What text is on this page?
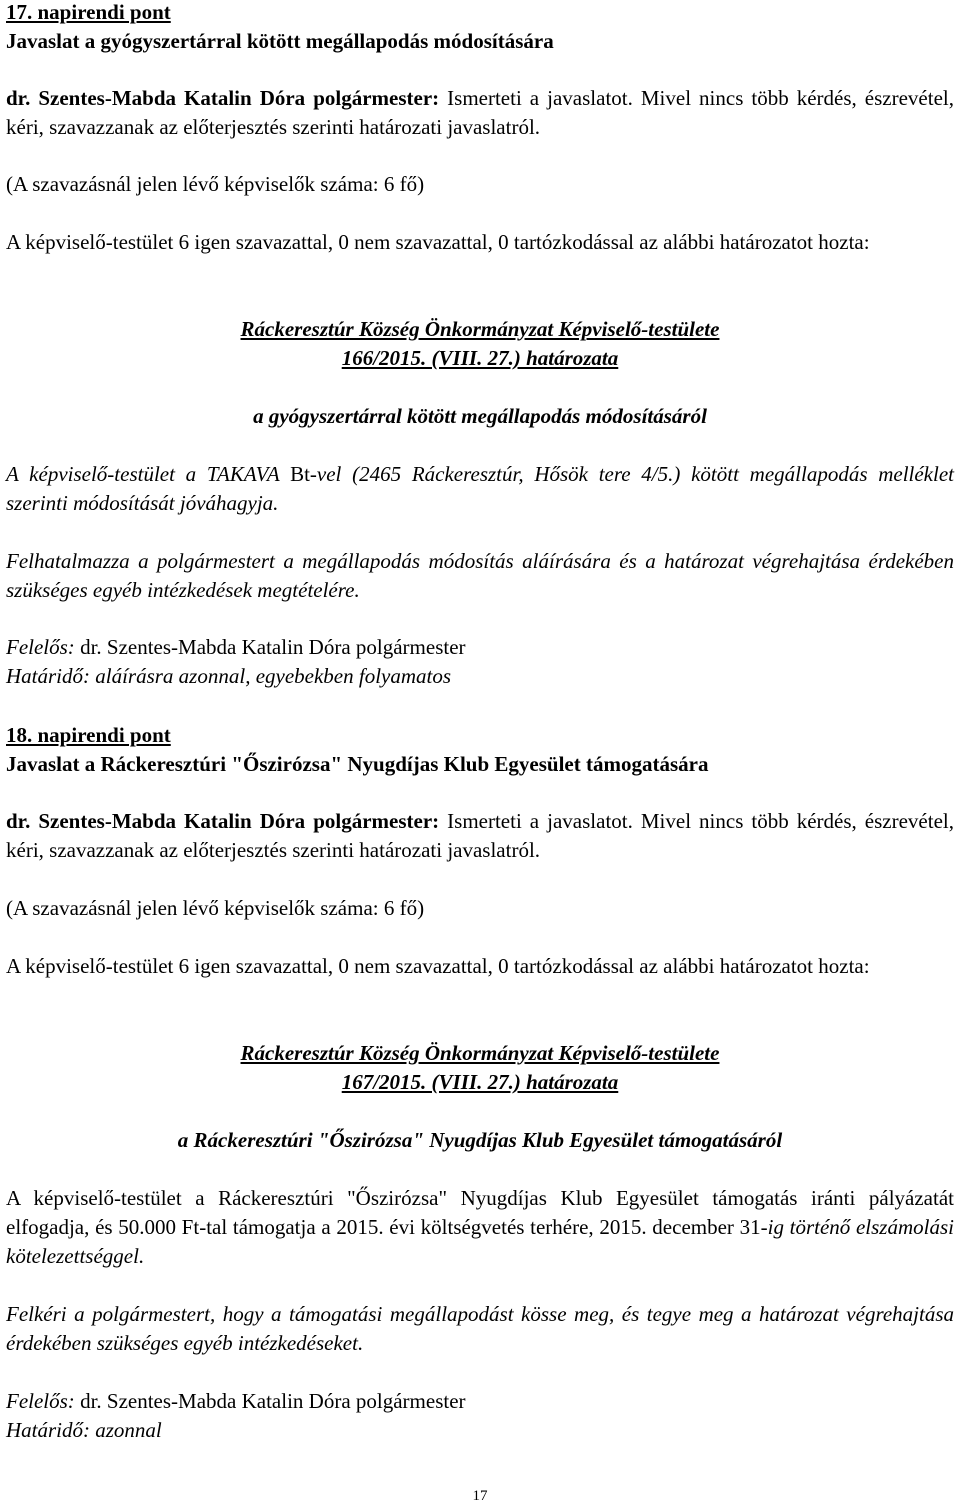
17. napirendi pont
Javaslat a gyógyszertárral kötött megállapodás módosítására
dr. Szentes-Mabda Katalin Dóra polgármester: Ismerteti a javaslatot. Mivel nincs több kérdés, észrevétel, kéri, szavazzanak az előterjesztés szerinti határozati javaslatról.
(A szavazásnál jelen lévő képviselők száma: 6 fő)
A képviselő-testület 6 igen szavazattal, 0 nem szavazattal, 0 tartózkodással az alábbi határozatot hozta:
Ráckeresztúr Község Önkormányzat Képviselő-testülete
166/2015. (VIII. 27.) határozata
a gyógyszertárral kötött megállapodás módosításáról
A képviselő-testület a TAKAVA Bt-vel (2465 Ráckeresztúr, Hősök tere 4/5.) kötött megállapodás melléklet szerinti módosítását jóváhagyja.
Felhatalmazza a polgármestert a megállapodás módosítás aláírására és a határozat végrehajtása érdekében szükséges egyéb intézkedések megtételére.
Felelős: dr. Szentes-Mabda Katalin Dóra polgármester
Határidő: aláírásra azonnal, egyebekben folyamatos
18. napirendi pont
Javaslat a Ráckeresztúri "Őszirózsa" Nyugdíjas Klub Egyesület támogatására
dr. Szentes-Mabda Katalin Dóra polgármester: Ismerteti a javaslatot. Mivel nincs több kérdés, észrevétel, kéri, szavazzanak az előterjesztés szerinti határozati javaslatról.
(A szavazásnál jelen lévő képviselők száma: 6 fő)
A képviselő-testület 6 igen szavazattal, 0 nem szavazattal, 0 tartózkodással az alábbi határozatot hozta:
Ráckeresztúr Község Önkormányzat Képviselő-testülete
167/2015. (VIII. 27.) határozata
a Ráckeresztúri "Őszirózsa" Nyugdíjas Klub Egyesület támogatásáról
A képviselő-testület a Ráckeresztúri "Őszirózsa" Nyugdíjas Klub Egyesület támogatás iránti pályázatát elfogadja, és 50.000 Ft-tal támogatja a 2015. évi költségvetés terhére, 2015. december 31-ig történő elszámolási kötelezettséggel.
Felkéri a polgármestert, hogy a támogatási megállapodást kösse meg, és tegye meg a határozat végrehajtása érdekében szükséges egyéb intézkedéseket.
Felelős: dr. Szentes-Mabda Katalin Dóra polgármester
Határidő: azonnal
17
